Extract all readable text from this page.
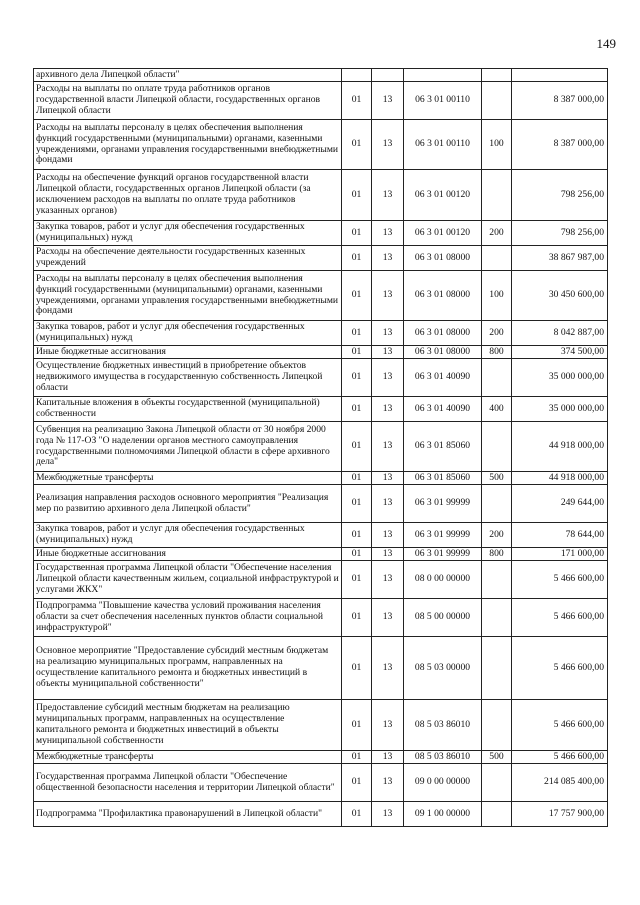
149
архивного дела Липецкой области"					
Расходы на выплаты по оплате труда работников органов государственной власти Липецкой области, государственных органов Липецкой области	01	13	06 3 01 00110		8 387 000,00
Расходы на выплаты персоналу в целях обеспечения выполнения функций государственными (муниципальными) органами, казенными учреждениями, органами управления государственными внебюджетными фондами	01	13	06 3 01 00110	100	8 387 000,00
Расходы на обеспечение функций органов государственной власти Липецкой области, государственных органов Липецкой области (за исключением расходов на выплаты по оплате труда работников указанных органов)	01	13	06 3 01 00120		798 256,00
Закупка товаров, работ и услуг для обеспечения государственных (муниципальных) нужд	01	13	06 3 01 00120	200	798 256,00
Расходы на обеспечение деятельности государственных казенных учреждений	01	13	06 3 01 08000		38 867 987,00
Расходы на выплаты персоналу в целях обеспечения выполнения функций государственными (муниципальными) органами, казенными учреждениями, органами управления государственными внебюджетными фондами	01	13	06 3 01 08000	100	30 450 600,00
Закупка товаров, работ и услуг для обеспечения государственных (муниципальных) нужд	01	13	06 3 01 08000	200	8 042 887,00
Иные бюджетные ассигнования	01	13	06 3 01 08000	800	374 500,00
Осуществление бюджетных инвестиций в приобретение объектов недвижимого имущества в государственную собственность Липецкой области	01	13	06 3 01 40090		35 000 000,00
Капитальные вложения в объекты государственной (муниципальной) собственности	01	13	06 3 01 40090	400	35 000 000,00
Субвенция на реализацию Закона Липецкой области от 30 ноября 2000 года № 117-ОЗ "О наделении органов местного самоуправления государственными полномочиями Липецкой области в сфере архивного дела"	01	13	06 3 01 85060		44 918 000,00
Межбюджетные трансферты	01	13	06 3 01 85060	500	44 918 000,00
Реализация направления расходов основного мероприятия "Реализация мер по развитию архивного дела Липецкой области"	01	13	06 3 01 99999		249 644,00
Закупка товаров, работ и услуг для обеспечения государственных (муниципальных) нужд	01	13	06 3 01 99999	200	78 644,00
Иные бюджетные ассигнования	01	13	06 3 01 99999	800	171 000,00
Государственная программа Липецкой области "Обеспечение населения Липецкой области качественным жильем, социальной инфраструктурой и услугами ЖКХ"	01	13	08 0 00 00000		5 466 600,00
Подпрограмма "Повышение качества условий проживания населения области за счет обеспечения населенных пунктов области социальной инфраструктурой"	01	13	08 5 00 00000		5 466 600,00
Основное мероприятие "Предоставление субсидий местным бюджетам на реализацию муниципальных программ, направленных на осуществление капитального ремонта и бюджетных инвестиций в объекты муниципальной собственности"	01	13	08 5 03 00000		5 466 600,00
Предоставление субсидий местным бюджетам на реализацию муниципальных программ, направленных на осуществление капитального ремонта и бюджетных инвестиций в объекты муниципальной собственности	01	13	08 5 03 86010		5 466 600,00
Межбюджетные трансферты	01	13	08 5 03 86010	500	5 466 600,00
Государственная программа Липецкой области "Обеспечение общественной безопасности населения и территории Липецкой области"	01	13	09 0 00 00000		214 085 400,00
Подпрограмма "Профилактика правонарушений в Липецкой области"	01	13	09 1 00 00000		17 757 900,00
